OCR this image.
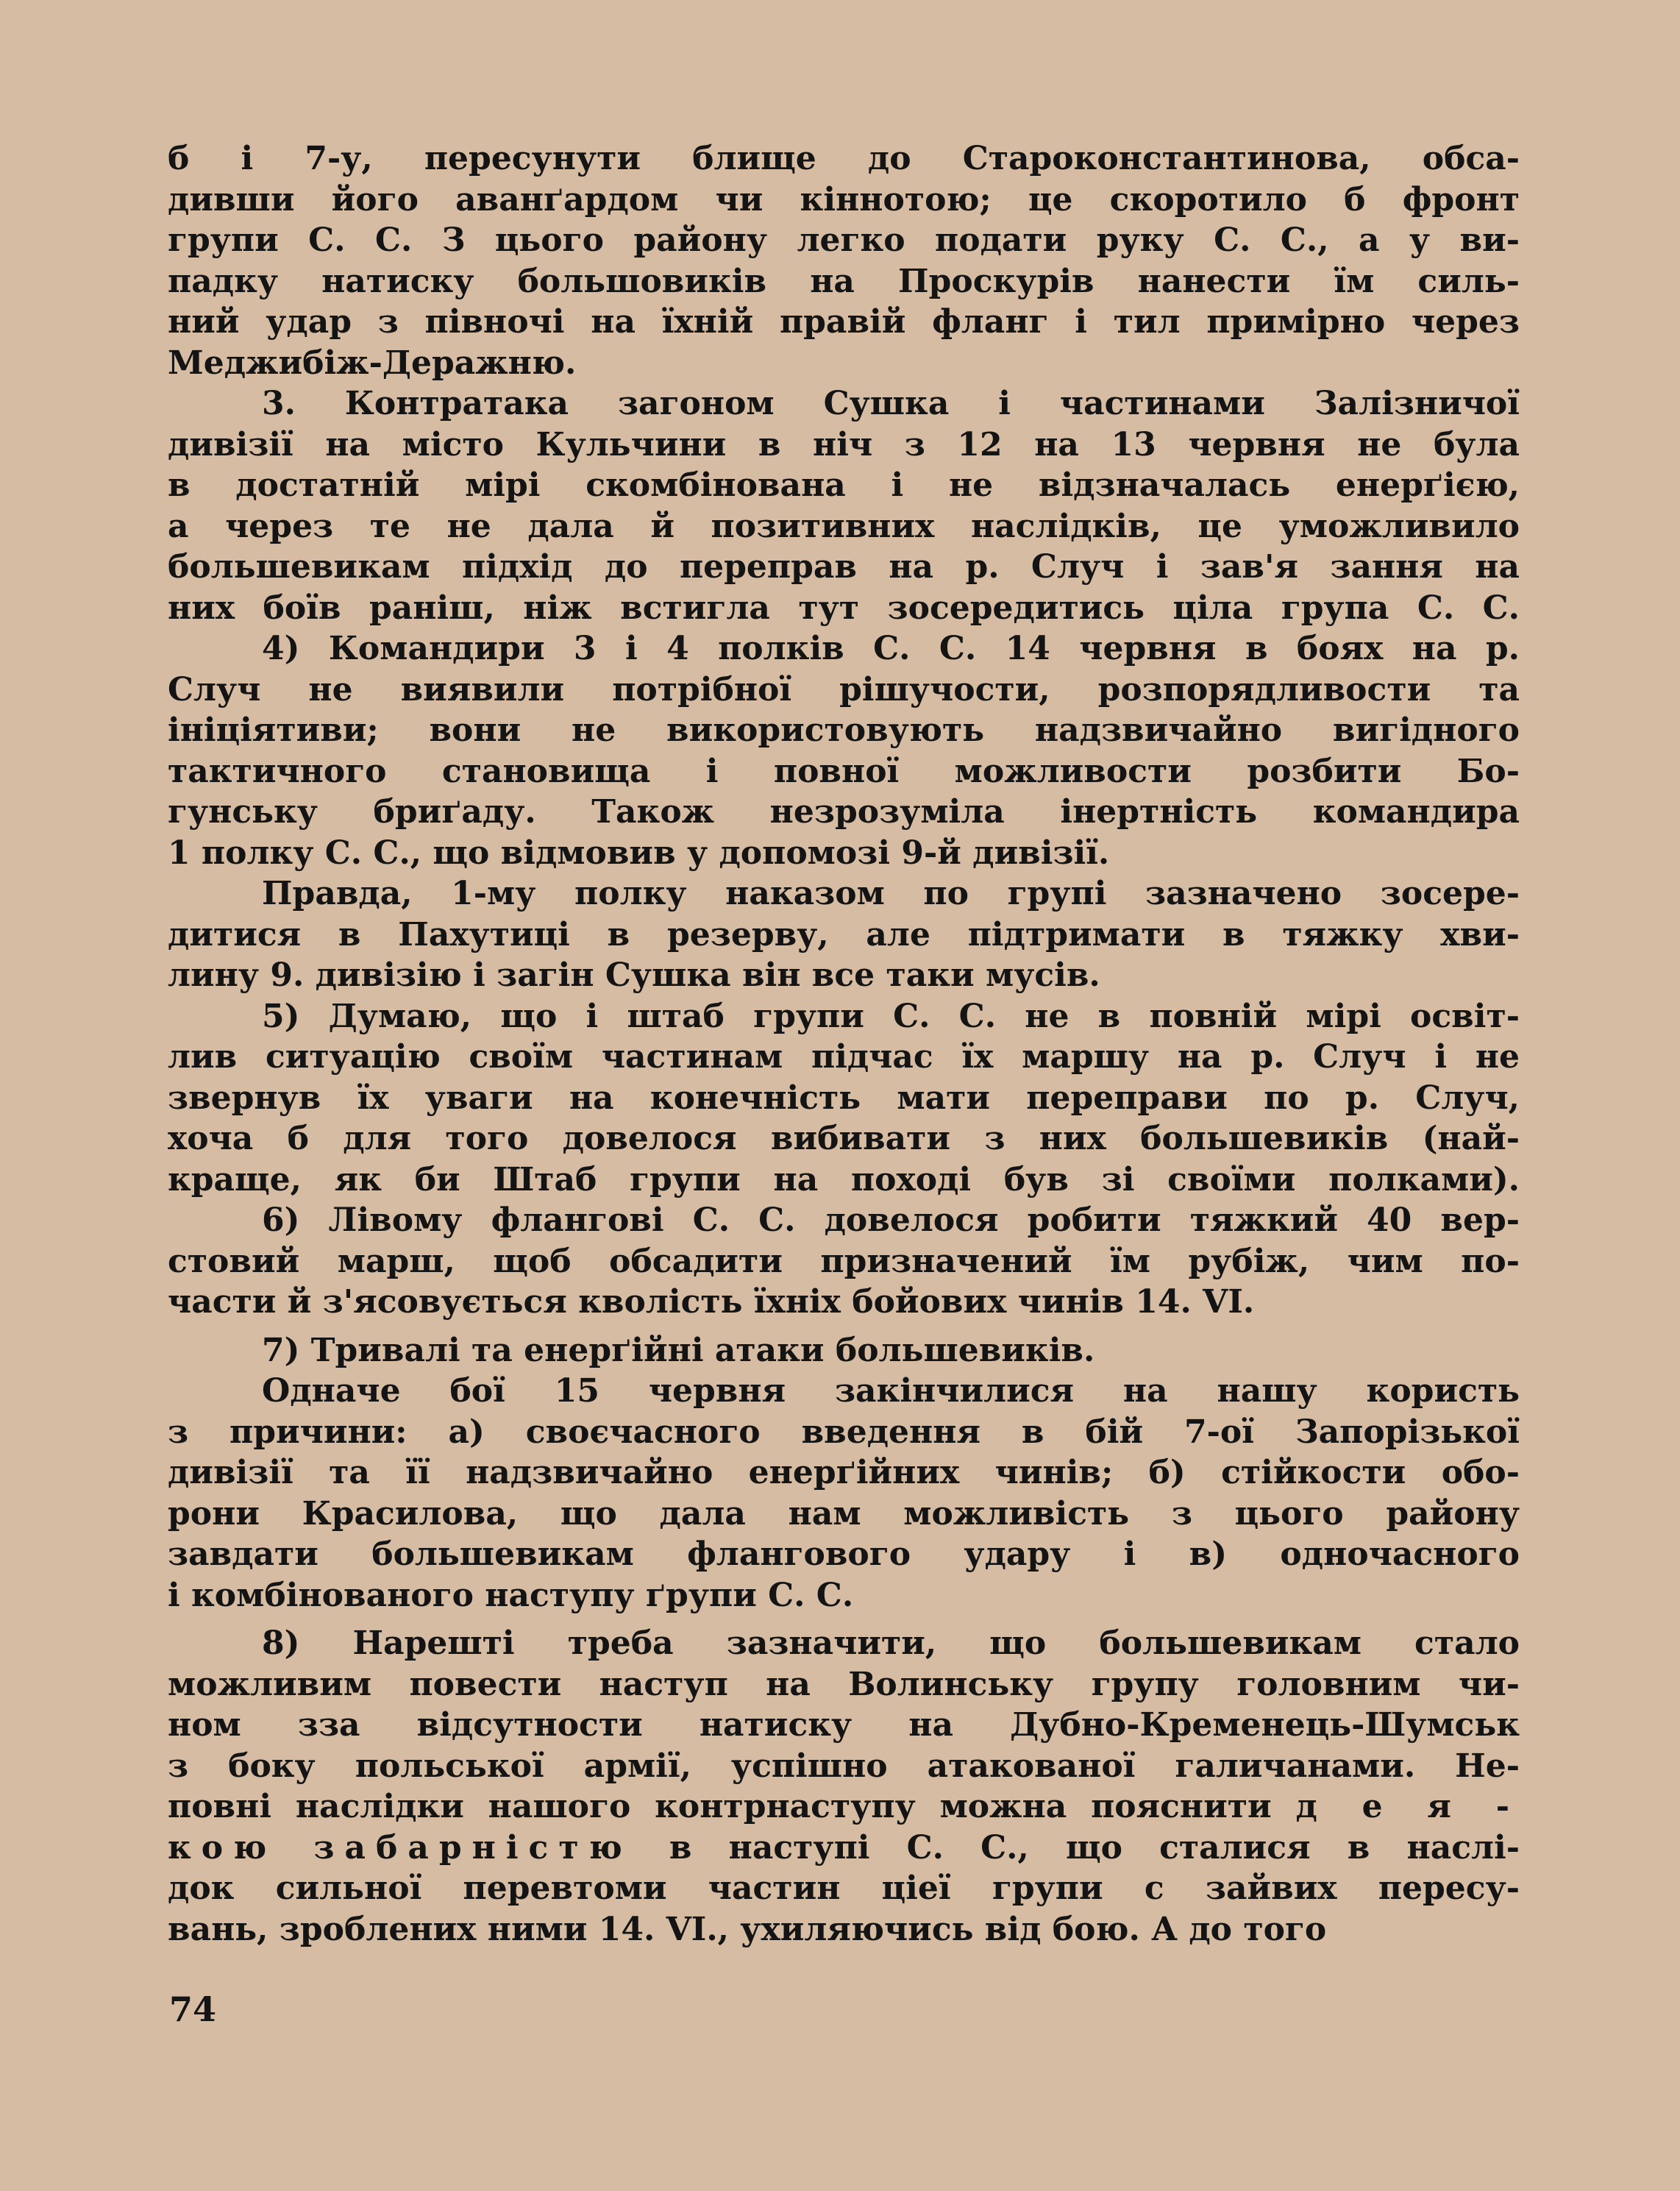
б і 7-у, пересунути блище до Староконстантинова, обса-
дивши його аванґардом чи кіннотою; це скоротило б фронт
групи С. С. З цього району легко подати руку С. С., а у ви-
падку натиску большовиків на Проскурів нанести їм силь-
ний удар з півночі на їхній правій фланг і тил примірно через
Меджибіж-Деражню.
3. Контратака загоном Сушка і частинами Залізничої
дивізії на місто Кульчини в ніч з 12 на 13 червня не була
в достатній мірі скомбінована і не відзначалась енерґією,
а через те не дала й позитивних наслідків, це уможливило
большевикам підхід до переправ на р. Случ і зав'я зання на
них боїв раніш, ніж встигла тут зосередитись ціла група С. С.
4) Командири 3 і 4 полків С. С. 14 червня в боях на р.
Случ не виявили потрібної рішучости, розпорядливости та
ініціятиви; вони не використовують надзвичайно вигідного
тактичного становища і повної можливости розбити Бо-
гунську бриґаду. Також незрозуміла інертність командира
1 полку С. С., що відмовив у допомозі 9-й дивізії.
Правда, 1-му полку наказом по групі зазначено зосере-
дитися в Пахутиці в резерву, але підтримати в тяжку хви-
лину 9. дивізію і загін Сушка він все таки мусів.
5) Думаю, що і штаб групи С. С. не в повній мірі освіт-
лив ситуацію своїм частинам підчас їх маршу на р. Случ і не
звернув їх уваги на конечність мати переправи по р. Случ,
хоча б для того довелося вибивати з них большевиків (най-
краще, як би Штаб групи на поході був зі своїми полками).
6) Лівому флангові С. С. довелося робити тяжкий 40 вер-
стовий марш, щоб обсадити призначений їм рубіж, чим по-
части й з'ясовується кволість їхніх бойових чинів 14. VI.
7) Тривалі та енерґійні атаки большевиків.
Одначе бої 15 червня закінчилися на нашу користь
з причини: а) своєчасного введення в бій 7-ої Запорізької
дивізії та її надзвичайно енерґійних чинів; б) стійкости обо-
рони Красилова, що дала нам можливість з цього району
завдати большевикам флангового удару і в) одночасного
і комбінованого наступу ґрупи С. С.
8) Нарешті треба зазначити, що большевикам стало
можливим повести наступ на Волинську групу головним чи-
ном зза відсутности натиску на Дубно-Кременець-Шумськ
з боку польської армії, успішно атакованої галичанами. Не-
повні наслідки нашого контрнаступу можна пояснити д е я -
кою забарністю в наступі С. С., що сталися в наслі-
док сильної перевтоми частин ціеї групи с зайвих пересу-
вань, зроблених ними 14. VI., ухиляючись від бою. А до того
74
